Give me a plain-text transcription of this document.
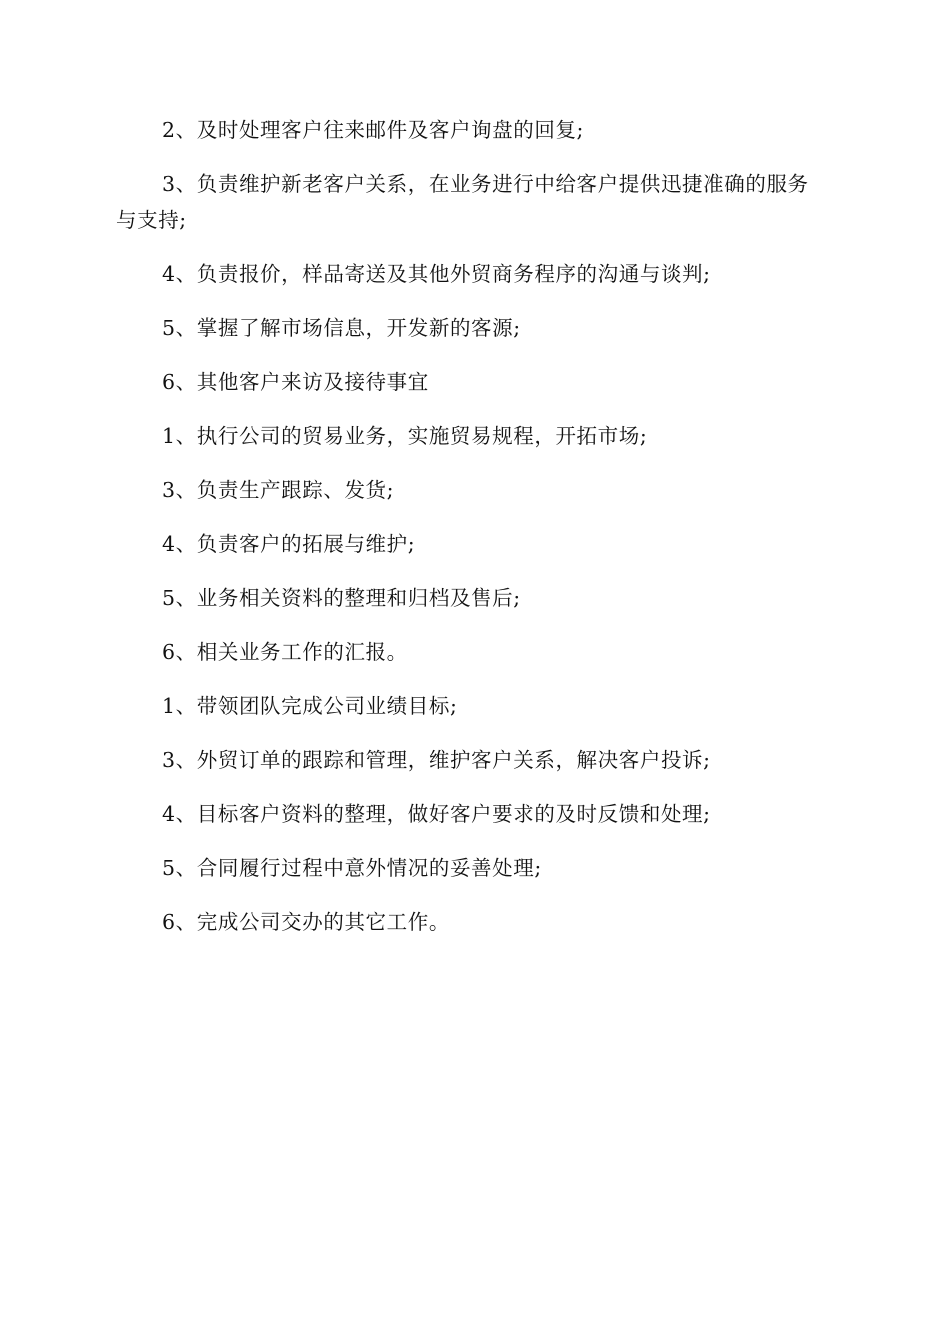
2、及时处理客户往来邮件及客户询盘的回复;

3、负责维护新老客户关系，在业务进行中给客户提供迅捷准确的服务与支持;

4、负责报价，样品寄送及其他外贸商务程序的沟通与谈判;

5、掌握了解市场信息，开发新的客源;

6、其他客户来访及接待事宜

1、执行公司的贸易业务，实施贸易规程，开拓市场;

3、负责生产跟踪、发货;

4、负责客户的拓展与维护;

5、业务相关资料的整理和归档及售后;

6、相关业务工作的汇报。

1、带领团队完成公司业绩目标;

3、外贸订单的跟踪和管理，维护客户关系，解决客户投诉;

4、目标客户资料的整理，做好客户要求的及时反馈和处理;

5、合同履行过程中意外情况的妥善处理;

6、完成公司交办的其它工作。
